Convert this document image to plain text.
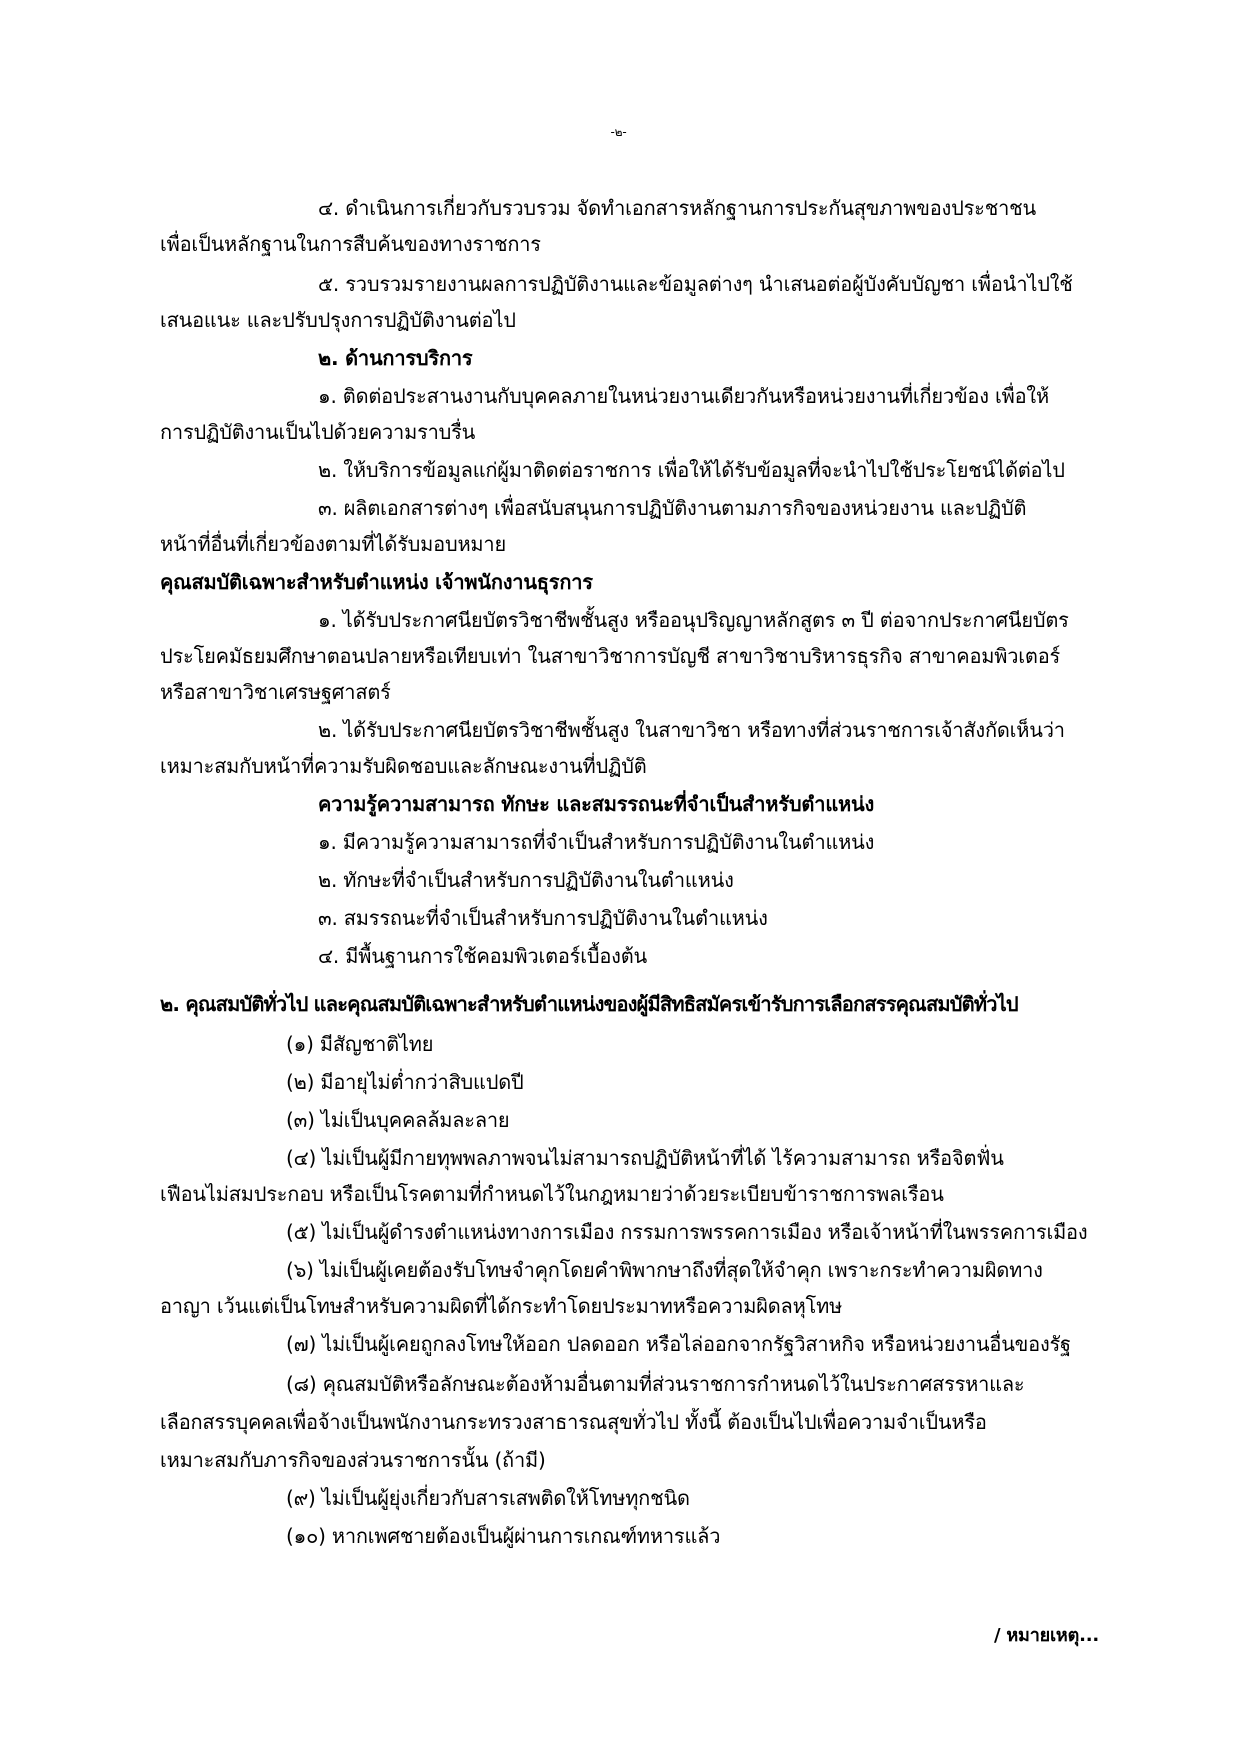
-๒-
๔. ดำเนินการเกี่ยวกับรวบรวม จัดทำเอกสารหลักฐานการประกันสุขภาพของประชาชน
เพื่อเป็นหลักฐานในการสืบค้นของทางราชการ
๕. รวบรวมรายงานผลการปฏิบัติงานและข้อมูลต่างๆ นำเสนอต่อผู้บังคับบัญชา เพื่อนำไปใช้
เสนอแนะ และปรับปรุงการปฏิบัติงานต่อไป
๒. ด้านการบริการ
๑. ติดต่อประสานงานกับบุคคลภายในหน่วยงานเดียวกันหรือหน่วยงานที่เกี่ยวข้อง เพื่อให้
การปฏิบัติงานเป็นไปด้วยความราบรื่น
๒. ให้บริการข้อมูลแก่ผู้มาติดต่อราชการ เพื่อให้ได้รับข้อมูลที่จะนำไปใช้ประโยชน์ได้ต่อไป
๓. ผลิตเอกสารต่างๆ เพื่อสนับสนุนการปฏิบัติงานตามภารกิจของหน่วยงาน และปฏิบัติ
หน้าที่อื่นที่เกี่ยวข้องตามที่ได้รับมอบหมาย
คุณสมบัติเฉพาะสำหรับตำแหน่ง เจ้าพนักงานธุรการ
๑. ได้รับประกาศนียบัตรวิชาชีพชั้นสูง หรืออนุปริญญาหลักสูตร ๓ ปี ต่อจากประกาศนียบัตร
ประโยคมัธยมศึกษาตอนปลายหรือเทียบเท่า ในสาขาวิชาการบัญชี สาขาวิชาบริหารธุรกิจ สาขาคอมพิวเตอร์
หรือสาขาวิชาเศรษฐศาสตร์
๒. ได้รับประกาศนียบัตรวิชาชีพชั้นสูง ในสาขาวิชา หรือทางที่ส่วนราชการเจ้าสังกัดเห็นว่า
เหมาะสมกับหน้าที่ความรับผิดชอบและลักษณะงานที่ปฏิบัติ
ความรู้ความสามารถ ทักษะ และสมรรถนะที่จำเป็นสำหรับตำแหน่ง
๑. มีความรู้ความสามารถที่จำเป็นสำหรับการปฏิบัติงานในตำแหน่ง
๒. ทักษะที่จำเป็นสำหรับการปฏิบัติงานในตำแหน่ง
๓. สมรรถนะที่จำเป็นสำหรับการปฏิบัติงานในตำแหน่ง
๔. มีพื้นฐานการใช้คอมพิวเตอร์เบื้องต้น
๒. คุณสมบัติทั่วไป และคุณสมบัติเฉพาะสำหรับตำแหน่งของผู้มีสิทธิสมัครเข้ารับการเลือกสรรคุณสมบัติทั่วไป
(๑) มีสัญชาติไทย
(๒) มีอายุไม่ต่ำกว่าสิบแปดปี
(๓) ไม่เป็นบุคคลล้มละลาย
(๔) ไม่เป็นผู้มีกายทุพพลภาพจนไม่สามารถปฏิบัติหน้าที่ได้ ไร้ความสามารถ หรือจิตฟั่น
เฟือนไม่สมประกอบ หรือเป็นโรคตามที่กำหนดไว้ในกฎหมายว่าด้วยระเบียบข้าราชการพลเรือน
(๕) ไม่เป็นผู้ดำรงตำแหน่งทางการเมือง กรรมการพรรคการเมือง หรือเจ้าหน้าที่ในพรรคการเมือง
(๖) ไม่เป็นผู้เคยต้องรับโทษจำคุกโดยคำพิพากษาถึงที่สุดให้จำคุก เพราะกระทำความผิดทาง
อาญา เว้นแต่เป็นโทษสำหรับความผิดที่ได้กระทำโดยประมาทหรือความผิดลหุโทษ
(๗) ไม่เป็นผู้เคยถูกลงโทษให้ออก ปลดออก หรือไล่ออกจากรัฐวิสาหกิจ หรือหน่วยงานอื่นของรัฐ
(๘) คุณสมบัติหรือลักษณะต้องห้ามอื่นตามที่ส่วนราชการกำหนดไว้ในประกาศสรรหาและ
เลือกสรรบุคคลเพื่อจ้างเป็นพนักงานกระทรวงสาธารณสุขทั่วไป ทั้งนี้ ต้องเป็นไปเพื่อความจำเป็นหรือ
เหมาะสมกับภารกิจของส่วนราชการนั้น (ถ้ามี)
(๙) ไม่เป็นผู้ยุ่งเกี่ยวกับสารเสพติดให้โทษทุกชนิด
(๑๐) หากเพศชายต้องเป็นผู้ผ่านการเกณฑ์ทหารแล้ว
/ หมายเหตุ...
